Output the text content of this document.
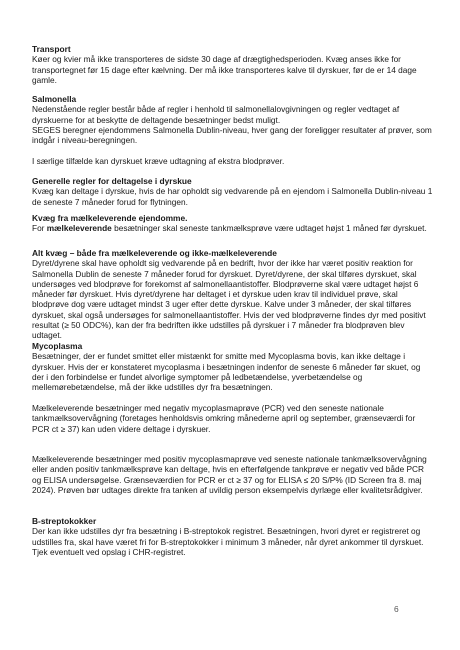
Transport

Køer og kvier må ikke transporteres de sidste 30 dage af drægtighedsperioden. Kvæg anses ikke for transportegnet før 15 dage efter kælvning. Der må ikke transporteres kalve til dyrskuer, før de er 14 dage gamle.

Salmonella

Nedenstående regler består både af regler i henhold til salmonellalovgivningen og regler vedtaget af dyrskuerne for at beskytte de deltagende besætninger bedst muligt.

SEGES beregner ejendommens Salmonella Dublin-niveau, hver gang der foreligger resultater af prøver, som indgår i niveau-beregningen.

I særlige tilfælde kan dyrskuet kræve udtagning af ekstra blodprøver.

Generelle regler for deltagelse i dyrskue

Kvæg kan deltage i dyrskue, hvis de har opholdt sig vedvarende på en ejendom i Salmonella Dublin-niveau 1 de seneste 7 måneder forud for flytningen.

Kvæg fra mælkeleverende ejendomme.

For mælkeleverende besætninger skal seneste tankmælksprøve være udtaget højst 1 måned før dyrskuet.

Alt kvæg – både fra mælkeleverende og ikke-mælkeleverende

Dyret/dyrene skal have opholdt sig vedvarende på en bedrift, hvor der ikke har været positiv reaktion for Salmonella Dublin de seneste 7 måneder forud for dyrskuet. Dyret/dyrene, der skal tilføres dyrskuet, skal undersøges ved blodprøve for forekomst af salmonellaantistoffer. Blodprøverne skal være udtaget højst 6 måneder før dyrskuet. Hvis dyret/dyrene har deltaget i et dyrskue uden krav til individuel prøve, skal blodprøve dog være udtaget mindst 3 uger efter dette dyrskue. Kalve under 3 måneder, der skal tilføres dyrskuet, skal også undersøges for salmonellaantistoffer. Hvis der ved blodprøverne findes dyr med positivt resultat (≥ 50 ODC%), kan der fra bedriften ikke udstilles på dyrskuer i 7 måneder fra blodprøven blev udtaget.

Mycoplasma

Besætninger, der er fundet smittet eller mistænkt for smitte med Mycoplasma bovis, kan ikke deltage i dyrskuer. Hvis der er konstateret mycoplasma i besætningen indenfor de seneste 6 måneder før skuet, og der i den forbindelse er fundet alvorlige symptomer på ledbetændelse, yverbetændelse og mellemørebetændelse, må der ikke udstilles dyr fra besætningen.

Mælkeleverende besætninger med negativ mycoplasmaprøve (PCR) ved den seneste nationale tankmælksovervågning (foretages henholdsvis omkring månederne april og september, grænseværdi for PCR ct ≥ 37) kan uden videre deltage i dyrskuer.

Mælkeleverende besætninger med positiv mycoplasmaprøve ved seneste nationale tankmælksovervågning eller anden positiv tankmælksprøve kan deltage, hvis en efterfølgende tankprøve er negativ ved både PCR og ELISA undersøgelse. Grænseværdien for PCR er ct ≥ 37 og for ELISA ≤ 20 S/P% (ID Screen fra 8. maj 2024). Prøven bør udtages direkte fra tanken af uvildig person eksempelvis dyrlæge eller kvalitetsrådgiver.

B-streptokokker

Der kan ikke udstilles dyr fra besætning i B-streptokok registret. Besætningen, hvori dyret er registreret og udstilles fra, skal have været fri for B-streptokokker i minimum 3 måneder, når dyret ankommer til dyrskuet. Tjek eventuelt ved opslag i CHR-registret.

6
